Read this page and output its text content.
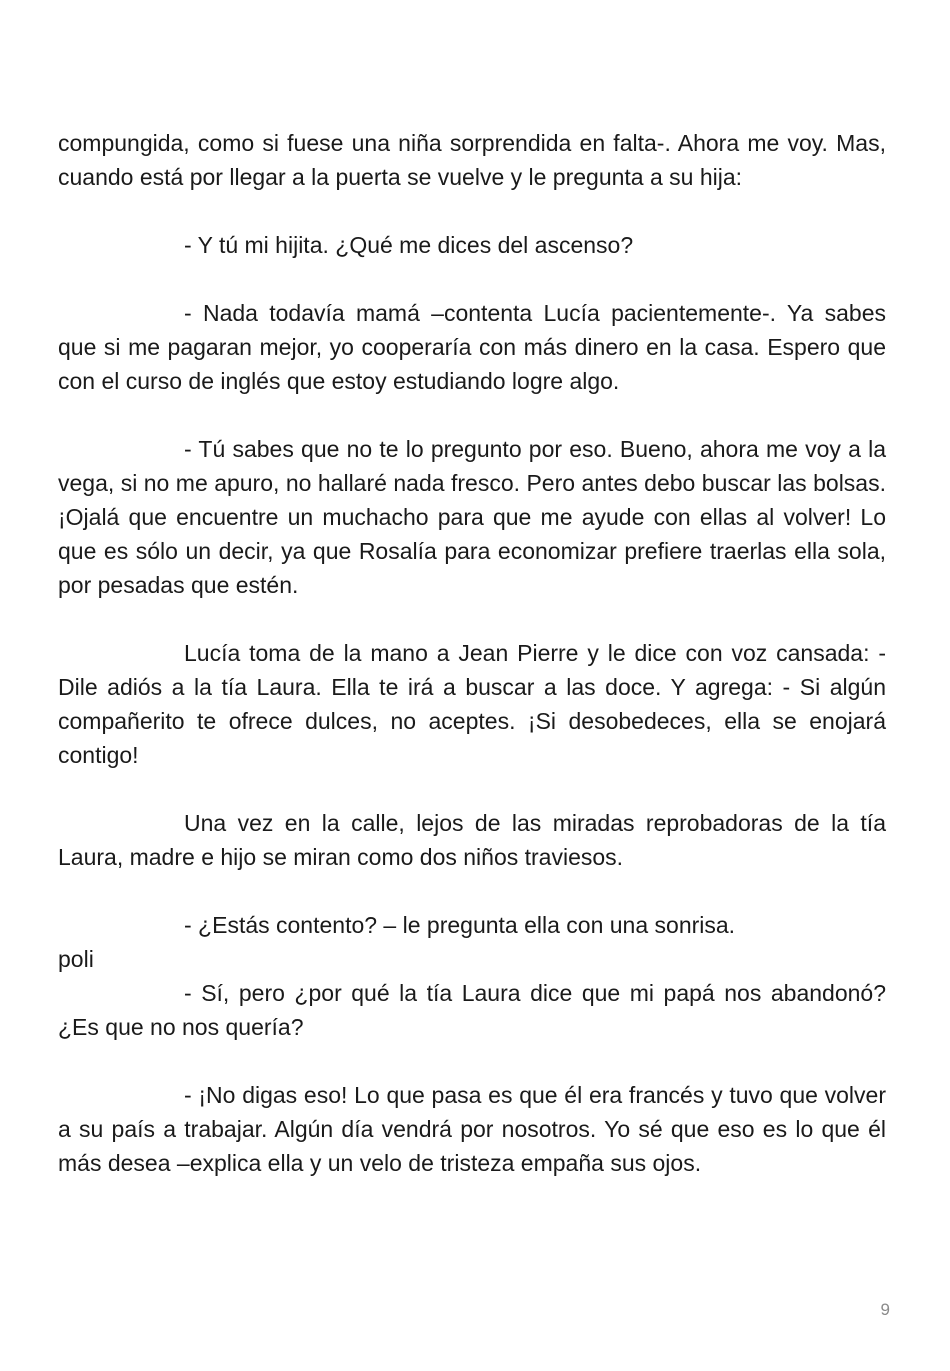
compungida, como si fuese una niña sorprendida en falta-. Ahora me voy. Mas, cuando está por llegar a la puerta se vuelve y le pregunta a su hija:

- Y tú mi hijita. ¿Qué me dices del ascenso?

- Nada todavía mamá –contenta Lucía pacientemente-. Ya sabes que si me pagaran mejor, yo cooperaría con más dinero en la casa. Espero que con el curso de inglés que estoy estudiando logre algo.

- Tú sabes que no te lo pregunto por eso. Bueno, ahora me voy a la vega, si no me apuro, no hallaré nada fresco. Pero antes debo buscar las bolsas. ¡Ojalá que encuentre un muchacho para que me ayude con ellas al volver! Lo que es sólo un decir, ya que Rosalía para economizar prefiere traerlas ella sola, por pesadas que estén.

Lucía toma de la mano a Jean Pierre y le dice con voz cansada: - Dile adiós a la tía Laura. Ella te irá a buscar a las doce. Y agrega: - Si algún compañerito te ofrece dulces, no aceptes. ¡Si desobedeces, ella se enojará contigo!

Una vez en la calle, lejos de las miradas reprobadoras de la tía Laura, madre e hijo se miran como dos niños traviesos.

- ¿Estás contento? – le pregunta ella con una sonrisa.

poli

- Sí, pero ¿por qué la tía Laura dice que mi papá nos abandonó? ¿Es que no nos quería?

- ¡No digas eso! Lo que pasa es que él era francés y tuvo que volver a su país a trabajar. Algún día vendrá por nosotros. Yo sé que eso es lo que él más desea –explica ella y un velo de tristeza empaña sus ojos.

9
